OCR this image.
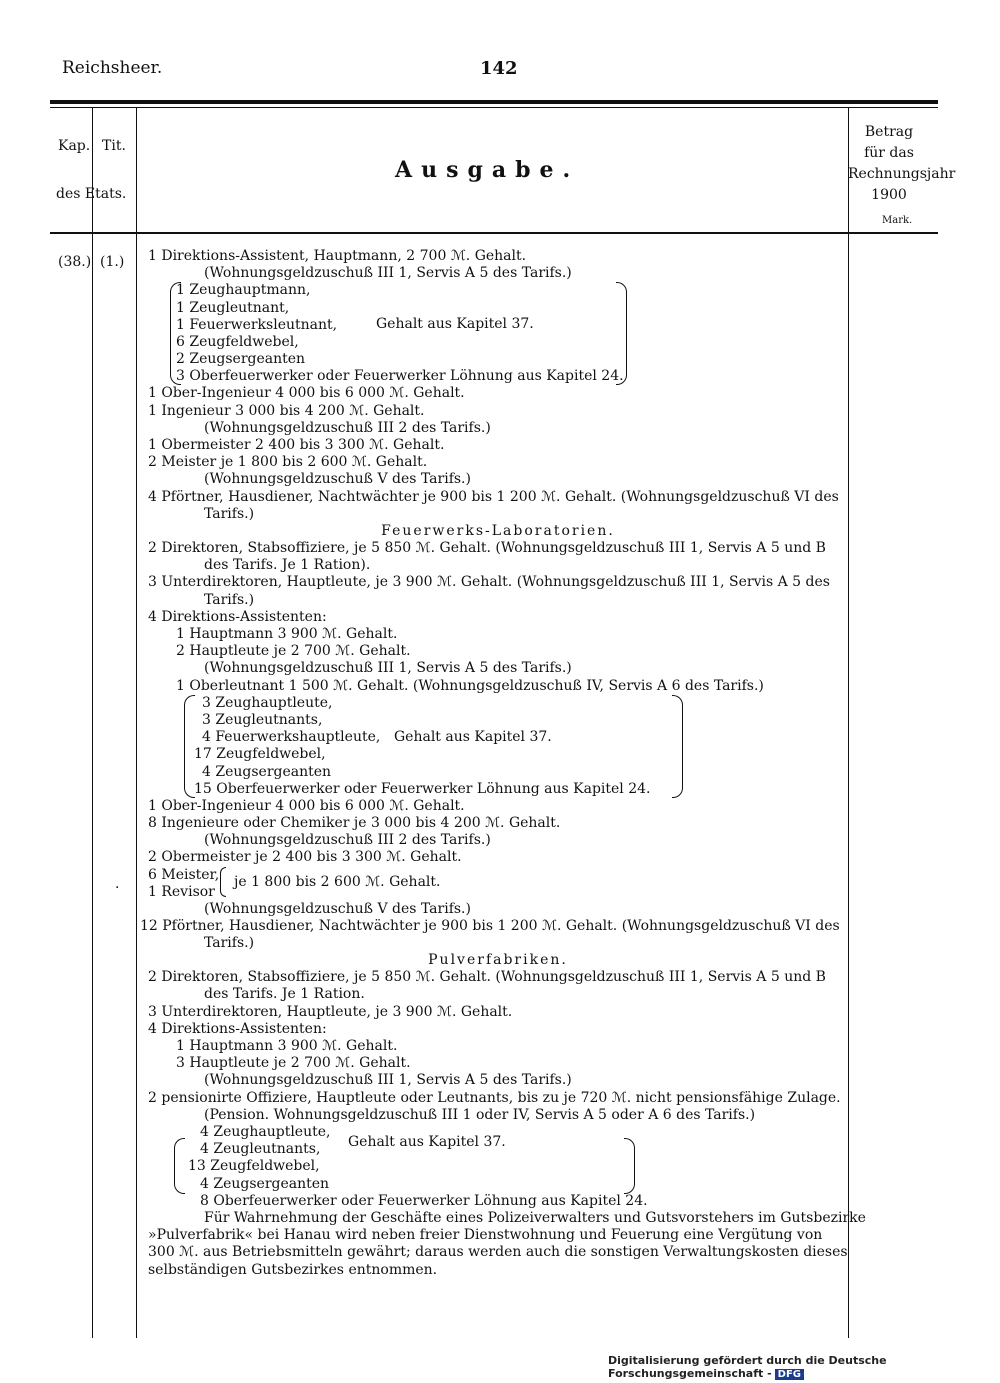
Reichsheer.	142
Kap. Tit.
des Etats.
Ausgabe.
Betrag
für das
Rechnungsjahr
1900
Mark.
(38.) (1.) 1 Direktions-Assistent, Hauptmann, 2 700 ℳ. Gehalt.
(Wohnungsgeldzuschuß III 1, Servis A 5 des Tarifs.)
1 Zeughauptmann,
1 Zeugleutnant,
1 Feuerwerksleutnant,
6 Zeugfeldwebel,
2 Zeugsergeanten
3 Oberfeuerwerker oder Feuerwerker Löhnung aus Kapitel 24.
Gehalt aus Kapitel 37.
1 Ober-Ingenieur 4 000 bis 6 000 ℳ. Gehalt.
1 Ingenieur 3 000 bis 4 200 ℳ. Gehalt.
(Wohnungsgeldzuschuß III 2 des Tarifs.)
1 Obermeister 2 400 bis 3 300 ℳ. Gehalt.
2 Meister je 1 800 bis 2 600 ℳ. Gehalt.
(Wohnungsgeldzuschuß V des Tarifs.)
4 Pförtner, Hausdiener, Nachtwächter je 900 bis 1 200 ℳ. Gehalt. (Wohnungsgeldzuschuß VI des
Tarifs.)
Feuerwerks-Laboratorien.
2 Direktoren, Stabsoffiziere, je 5 850 ℳ. Gehalt. (Wohnungsgeldzuschuß III 1, Servis A 5 und B
des Tarifs. Je 1 Ration).
3 Unterdirektoren, Hauptleute, je 3 900 ℳ. Gehalt. (Wohnungsgeldzuschuß III 1, Servis A 5 des
Tarifs.)
4 Direktions-Assistenten:
1 Hauptmann 3 900 ℳ. Gehalt.
2 Hauptleute je 2 700 ℳ. Gehalt.
(Wohnungsgeldzuschuß III 1, Servis A 5 des Tarifs.)
1 Oberleutnant 1 500 ℳ. Gehalt. (Wohnungsgeldzuschuß IV, Servis A 6 des Tarifs.)
3 Zeughauptleute,
3 Zeugleutnants,
4 Feuerwerkshauptleute,
17 Zeugfeldwebel,
4 Zeugsergeanten
15 Oberfeuerwerker oder Feuerwerker Löhnung aus Kapitel 24.
Gehalt aus Kapitel 37.
1 Ober-Ingenieur 4 000 bis 6 000 ℳ. Gehalt.
8 Ingenieure oder Chemiker je 3 000 bis 4 200 ℳ. Gehalt.
(Wohnungsgeldzuschuß III 2 des Tarifs.)
2 Obermeister je 2 400 bis 3 300 ℳ. Gehalt.
6 Meister,
1 Revisor
je 1 800 bis 2 600 ℳ. Gehalt.
(Wohnungsgeldzuschuß V des Tarifs.)
12 Pförtner, Hausdiener, Nachtwächter je 900 bis 1 200 ℳ. Gehalt. (Wohnungsgeldzuschuß VI des
Tarifs.)
Pulverfabriken.
2 Direktoren, Stabsoffiziere, je 5 850 ℳ. Gehalt. (Wohnungsgeldzuschuß III 1, Servis A 5 und B
des Tarifs. Je 1 Ration.
3 Unterdirektoren, Hauptleute, je 3 900 ℳ. Gehalt.
4 Direktions-Assistenten:
1 Hauptmann 3 900 ℳ. Gehalt.
3 Hauptleute je 2 700 ℳ. Gehalt.
(Wohnungsgeldzuschuß III 1, Servis A 5 des Tarifs.)
2 pensionirte Offiziere, Hauptleute oder Leutnants, bis zu je 720 ℳ. nicht pensionsfähige Zulage.
(Pension. Wohnungsgeldzuschuß III 1 oder IV, Servis A 5 oder A 6 des Tarifs.)
4 Zeughauptleute,
4 Zeugleutnants,
13 Zeugfeldwebel,
4 Zeugsergeanten
8 Oberfeuerwerker oder Feuerwerker Löhnung aus Kapitel 24.
Gehalt aus Kapitel 37.
Für Wahrnehmung der Geschäfte eines Polizeiverwalters und Gutsvorstehers im Gutsbezirke
»Pulverfabrik« bei Hanau wird neben freier Dienstwohnung und Feuerung eine Vergütung von
300 ℳ. aus Betriebsmitteln gewährt; daraus werden auch die sonstigen Verwaltungskosten dieses
selbständigen Gutsbezirkes entnommen.
·
Digitalisierung gefördert durch die Deutsche Forschungsgemeinschaft - DFG
